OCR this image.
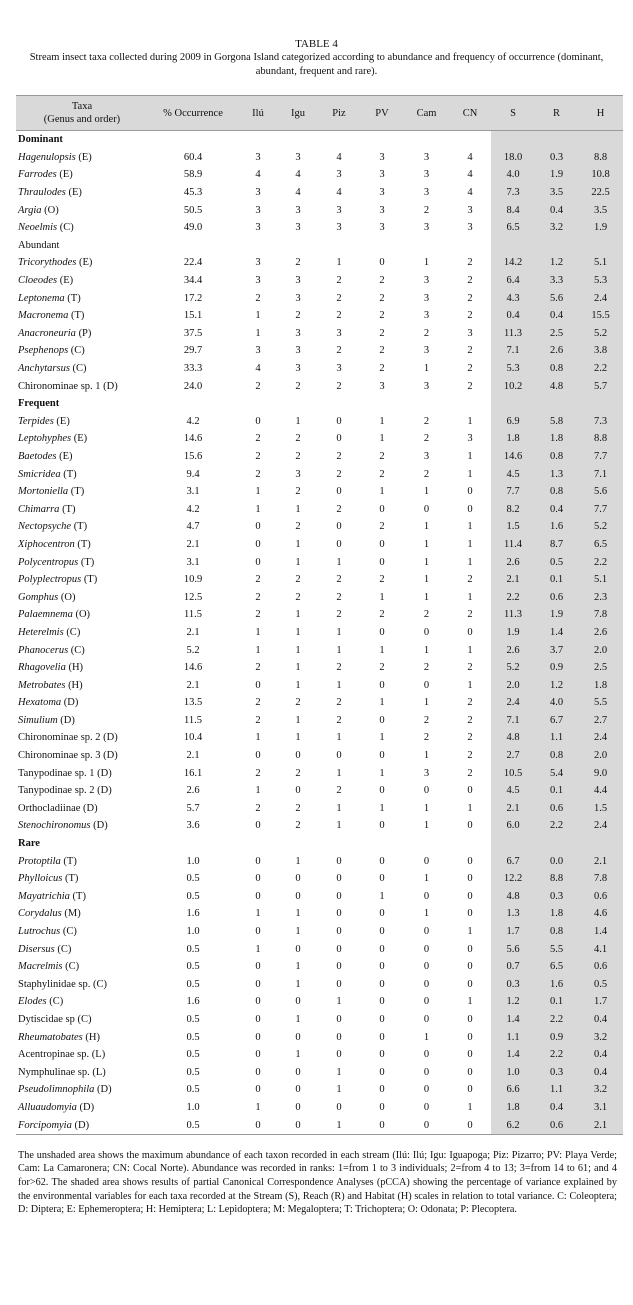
TABLE 4
Stream insect taxa collected during 2009 in Gorgona Island categorized according to abundance and frequency of occurrence (dominant, abundant, frequent and rare).
Taxa
(Genus and order)	% Occurrence	Ilú	Igu	Piz	PV	Cam	CN	S	R	H
Dominant										
Hagenulopsis (E)	60.4	3	3	4	3	3	4	18.0	0.3	8.8
Farrodes (E)	58.9	4	4	3	3	3	4	4.0	1.9	10.8
Thraulodes (E)	45.3	3	4	4	3	3	4	7.3	3.5	22.5
Argia (O)	50.5	3	3	3	3	2	3	8.4	0.4	3.5
Neoelmis (C)	49.0	3	3	3	3	3	3	6.5	3.2	1.9
Abundant										
Tricorythodes (E)	22.4	3	2	1	0	1	2	14.2	1.2	5.1
Cloeodes (E)	34.4	3	3	2	2	3	2	6.4	3.3	5.3
Leptonema (T)	17.2	2	3	2	2	3	2	4.3	5.6	2.4
Macronema (T)	15.1	1	2	2	2	3	2	0.4	0.4	15.5
Anacroneuria (P)	37.5	1	3	3	2	2	3	11.3	2.5	5.2
Psephenops (C)	29.7	3	3	2	2	3	2	7.1	2.6	3.8
Anchytarsus (C)	33.3	4	3	3	2	1	2	5.3	0.8	2.2
Chironominae sp. 1 (D)	24.0	2	2	2	3	3	2	10.2	4.8	5.7
Frequent										
Terpides (E)	4.2	0	1	0	1	2	1	6.9	5.8	7.3
Leptohyphes (E)	14.6	2	2	0	1	2	3	1.8	1.8	8.8
Baetodes (E)	15.6	2	2	2	2	3	1	14.6	0.8	7.7
Smicridea (T)	9.4	2	3	2	2	2	1	4.5	1.3	7.1
Mortoniella (T)	3.1	1	2	0	1	1	0	7.7	0.8	5.6
Chimarra (T)	4.2	1	1	2	0	0	0	8.2	0.4	7.7
Nectopsyche (T)	4.7	0	2	0	2	1	1	1.5	1.6	5.2
Xiphocentron (T)	2.1	0	1	0	0	1	1	11.4	8.7	6.5
Polycentropus (T)	3.1	0	1	1	0	1	1	2.6	0.5	2.2
Polyplectropus (T)	10.9	2	2	2	2	1	2	2.1	0.1	5.1
Gomphus (O)	12.5	2	2	2	1	1	1	2.2	0.6	2.3
Palaemnema (O)	11.5	2	1	2	2	2	2	11.3	1.9	7.8
Heterelmis (C)	2.1	1	1	1	0	0	0	1.9	1.4	2.6
Phanocerus (C)	5.2	1	1	1	1	1	1	2.6	3.7	2.0
Rhagovelia (H)	14.6	2	1	2	2	2	2	5.2	0.9	2.5
Metrobates (H)	2.1	0	1	1	0	0	1	2.0	1.2	1.8
Hexatoma (D)	13.5	2	2	2	1	1	2	2.4	4.0	5.5
Simulium (D)	11.5	2	1	2	0	2	2	7.1	6.7	2.7
Chironominae sp. 2 (D)	10.4	1	1	1	1	2	2	4.8	1.1	2.4
Chironominae sp. 3 (D)	2.1	0	0	0	0	1	2	2.7	0.8	2.0
Tanypodinae sp. 1 (D)	16.1	2	2	1	1	3	2	10.5	5.4	9.0
Tanypodinae sp. 2 (D)	2.6	1	0	2	0	0	0	4.5	0.1	4.4
Orthocladiinae (D)	5.7	2	2	1	1	1	1	2.1	0.6	1.5
Stenochironomus (D)	3.6	0	2	1	0	1	0	6.0	2.2	2.4
Rare										
Protoptila (T)	1.0	0	1	0	0	0	0	6.7	0.0	2.1
Phylloicus (T)	0.5	0	0	0	0	1	0	12.2	8.8	7.8
Mayatrichia (T)	0.5	0	0	0	1	0	0	4.8	0.3	0.6
Corydalus (M)	1.6	1	1	0	0	1	0	1.3	1.8	4.6
Lutrochus (C)	1.0	0	1	0	0	0	1	1.7	0.8	1.4
Disersus (C)	0.5	1	0	0	0	0	0	5.6	5.5	4.1
Macrelmis (C)	0.5	0	1	0	0	0	0	0.7	6.5	0.6
Staphylinidae sp. (C)	0.5	0	1	0	0	0	0	0.3	1.6	0.5
Elodes (C)	1.6	0	0	1	0	0	1	1.2	0.1	1.7
Dytiscidae sp (C)	0.5	0	1	0	0	0	0	1.4	2.2	0.4
Rheumatobates (H)	0.5	0	0	0	0	1	0	1.1	0.9	3.2
Acentropinae sp. (L)	0.5	0	1	0	0	0	0	1.4	2.2	0.4
Nymphulinae sp. (L)	0.5	0	0	1	0	0	0	1.0	0.3	0.4
Pseudolimnophila (D)	0.5	0	0	1	0	0	0	6.6	1.1	3.2
Alluaudomyia (D)	1.0	1	0	0	0	0	1	1.8	0.4	3.1
Forcipomyia (D)	0.5	0	0	1	0	0	0	6.2	0.6	2.1
The unshaded area shows the maximum abundance of each taxon recorded in each stream (Ilú: Ilú; Igu: Iguapoga; Piz: Pizarro; PV: Playa Verde; Cam: La Camaronera; CN: Cocal Norte). Abundance was recorded in ranks: 1=from 1 to 3 individuals; 2=from 4 to 13; 3=from 14 to 61; and 4 for>62. The shaded area shows results of partial Canonical Correspondence Analyses (pCCA) showing the percentage of variance explained by the environmental variables for each taxa recorded at the Stream (S), Reach (R) and Habitat (H) scales in relation to total variance. C: Coleoptera; D: Diptera; E: Ephemeroptera; H: Hemiptera; L: Lepidoptera; M: Megaloptera; T: Trichoptera; O: Odonata; P: Plecoptera.
